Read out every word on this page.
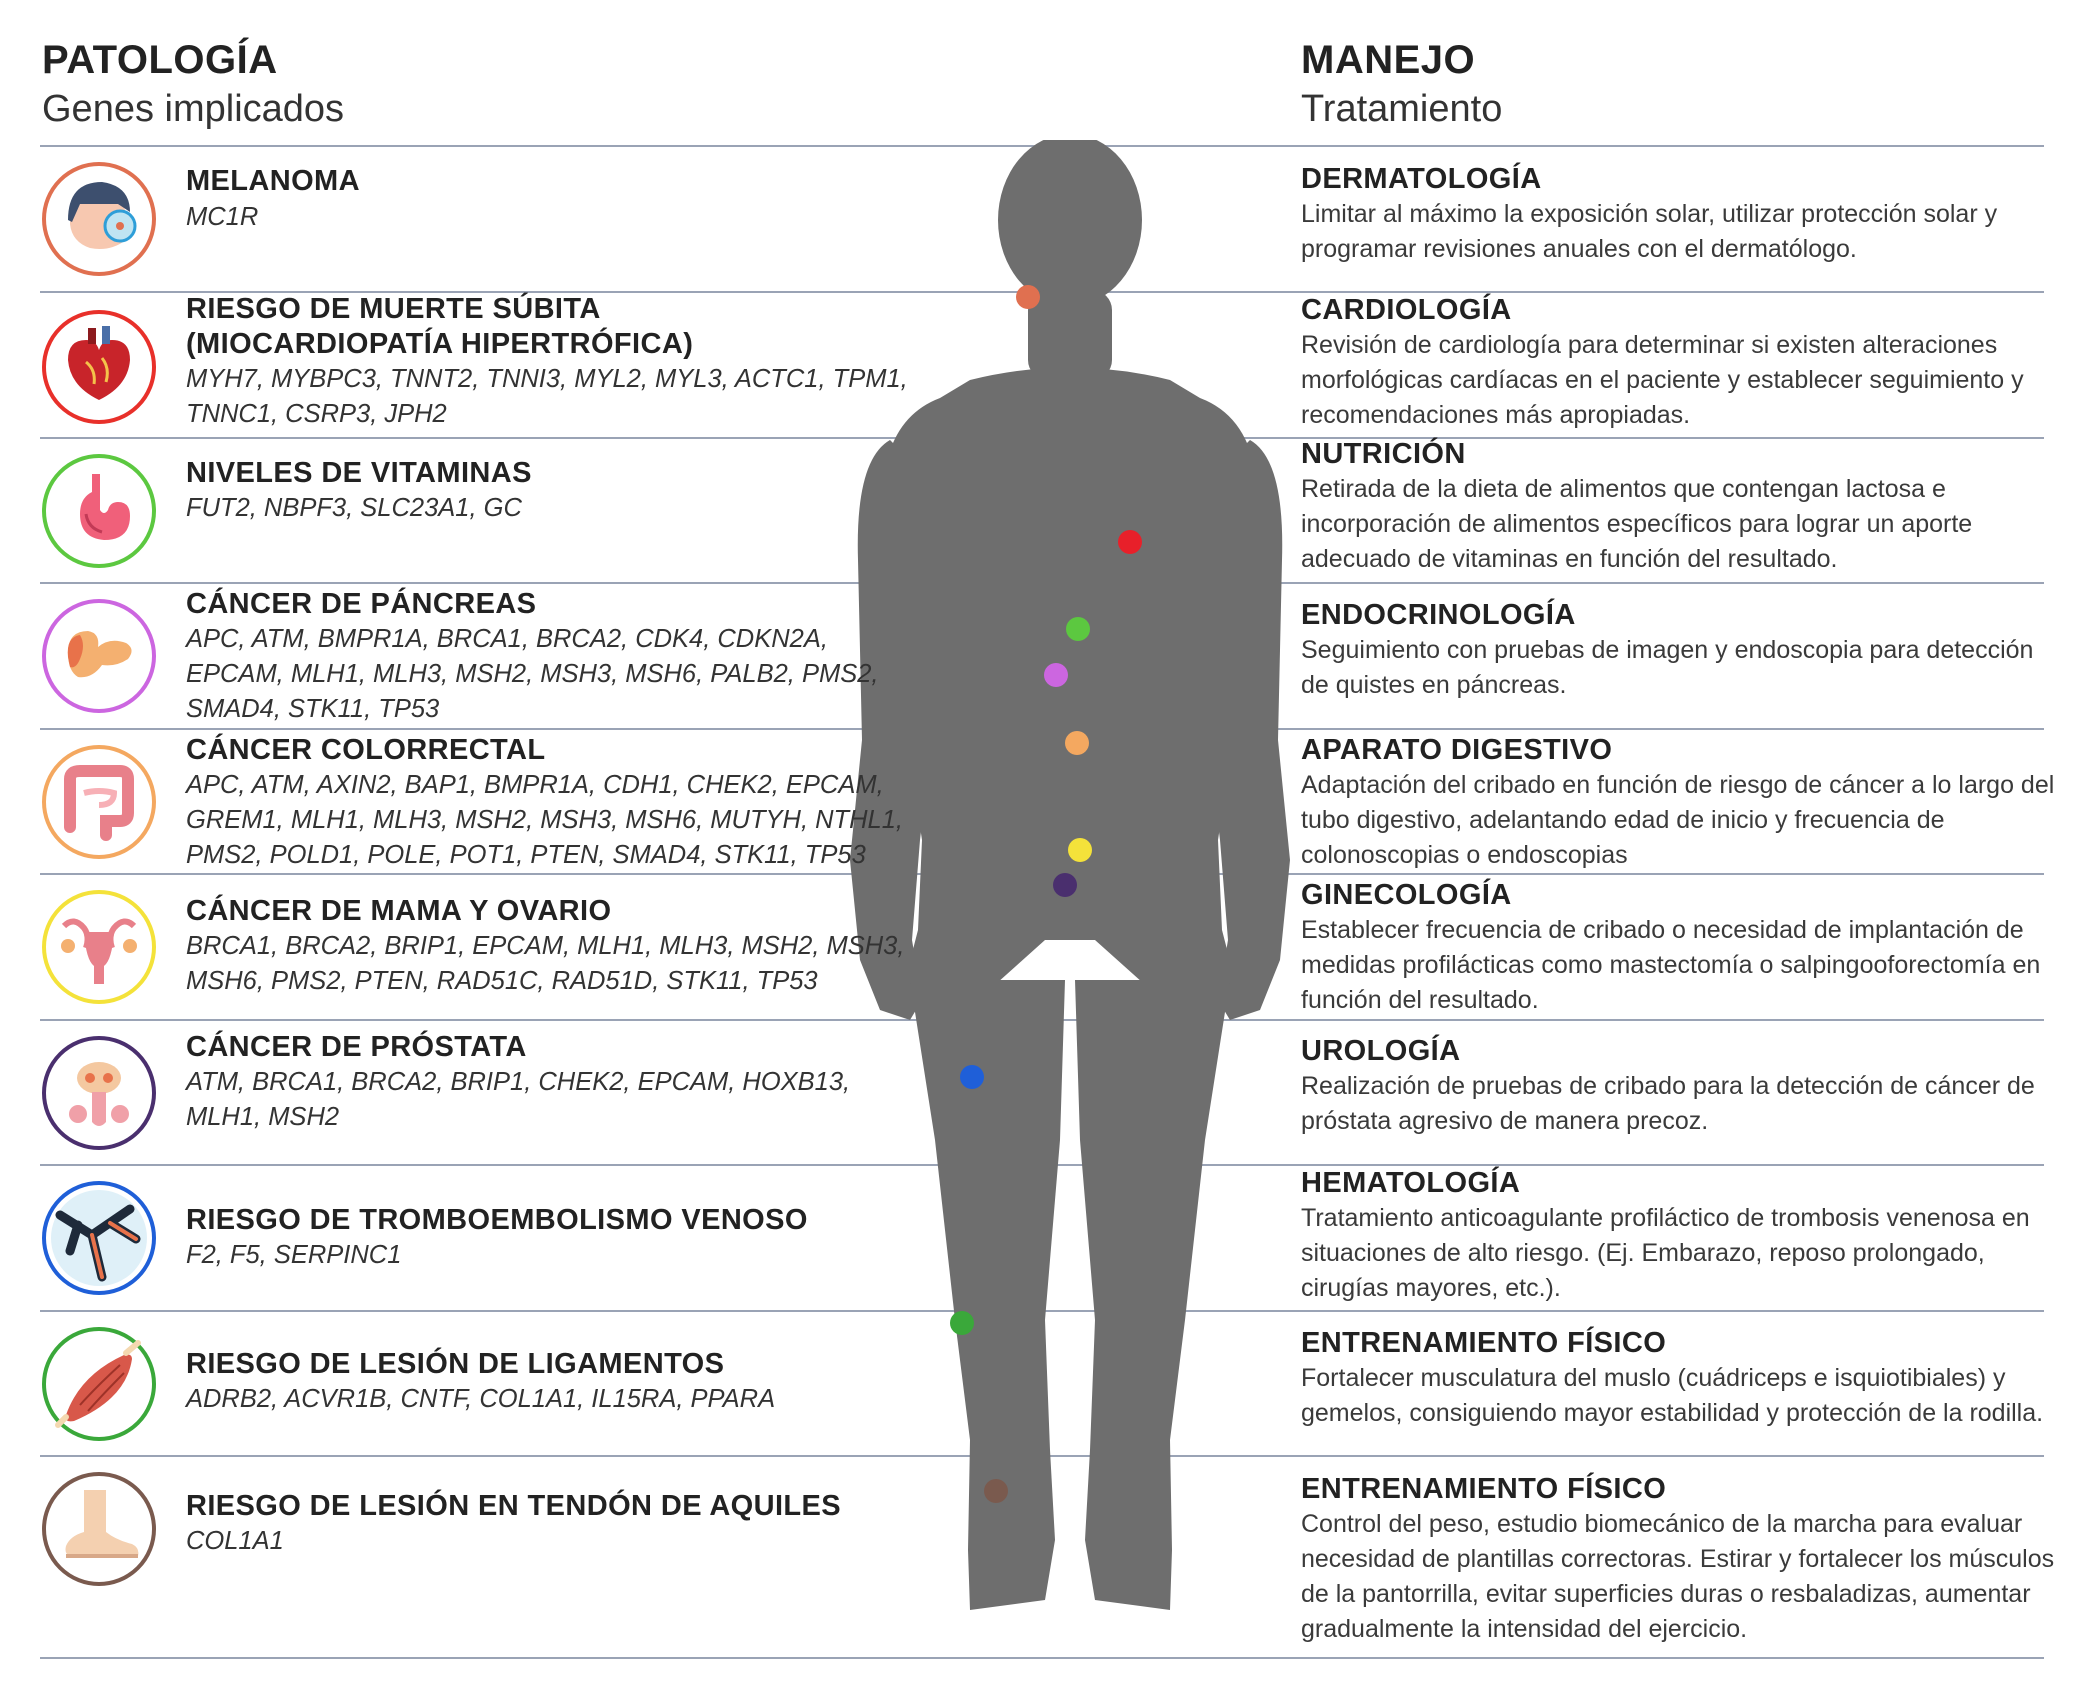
PATOLOGÍA
Genes implicados
MANEJO
Tratamiento
MELANOMA
MC1R
RIESGO DE MUERTE SÚBITA
(MIOCARDIOPATÍA HIPERTRÓFICA)
MYH7, MYBPC3, TNNT2, TNNI3, MYL2, MYL3, ACTC1, TPM1, TNNC1, CSRP3, JPH2
NIVELES DE VITAMINAS
FUT2, NBPF3, SLC23A1, GC
CÁNCER DE PÁNCREAS
APC, ATM, BMPR1A, BRCA1, BRCA2, CDK4, CDKN2A, EPCAM, MLH1, MLH3, MSH2, MSH3, MSH6, PALB2, PMS2, SMAD4, STK11, TP53
CÁNCER COLORRECTAL
APC, ATM, AXIN2, BAP1, BMPR1A, CDH1, CHEK2, EPCAM, GREM1, MLH1, MLH3, MSH2, MSH3, MSH6, MUTYH, NTHL1, PMS2, POLD1, POLE, POT1, PTEN, SMAD4, STK11, TP53
CÁNCER DE MAMA Y OVARIO
BRCA1, BRCA2, BRIP1, EPCAM, MLH1, MLH3, MSH2, MSH3, MSH6, PMS2, PTEN, RAD51C, RAD51D, STK11, TP53
CÁNCER DE PRÓSTATA
ATM, BRCA1, BRCA2, BRIP1, CHEK2, EPCAM, HOXB13, MLH1, MSH2
RIESGO DE TROMBOEMBOLISMO VENOSO
F2, F5, SERPINC1
RIESGO DE LESIÓN DE LIGAMENTOS
ADRB2, ACVR1B, CNTF, COL1A1, IL15RA, PPARA
RIESGO DE LESIÓN EN TENDÓN DE AQUILES
COL1A1
DERMATOLOGÍA
Limitar al máximo la exposición solar, utilizar protección solar y programar revisiones anuales con el dermatólogo.
CARDIOLOGÍA
Revisión de cardiología para determinar si existen alteraciones morfológicas cardíacas en el paciente y establecer seguimiento y recomendaciones más apropiadas.
NUTRICIÓN
Retirada de la dieta de alimentos que contengan lactosa e incorporación de alimentos específicos para lograr un aporte adecuado de vitaminas en función del resultado.
ENDOCRINOLOGÍA
Seguimiento con pruebas de imagen y endoscopia para detección de quistes en páncreas.
APARATO DIGESTIVO
Adaptación del cribado en función de riesgo de cáncer a lo largo del tubo digestivo, adelantando edad de inicio y frecuencia de colonoscopias o endoscopias
GINECOLOGÍA
Establecer frecuencia de cribado o necesidad de implantación de medidas profilácticas como mastectomía o salpingooforectomía en función del resultado.
UROLOGÍA
Realización de pruebas de cribado para la detección de cáncer de próstata agresivo de manera precoz.
HEMATOLOGÍA
Tratamiento anticoagulante profiláctico de trombosis venenosa en situaciones de alto riesgo. (Ej. Embarazo, reposo prolongado, cirugías mayores, etc.).
ENTRENAMIENTO FÍSICO
Fortalecer musculatura del muslo (cuádriceps e isquiotibiales) y gemelos, consiguiendo mayor estabilidad y protección de la rodilla.
ENTRENAMIENTO FÍSICO
Control del peso, estudio biomecánico de la marcha para evaluar necesidad de plantillas correctoras. Estirar y fortalecer los músculos de la pantorrilla, evitar superficies duras o resbaladizas, aumentar gradualmente la intensidad del ejercicio.
